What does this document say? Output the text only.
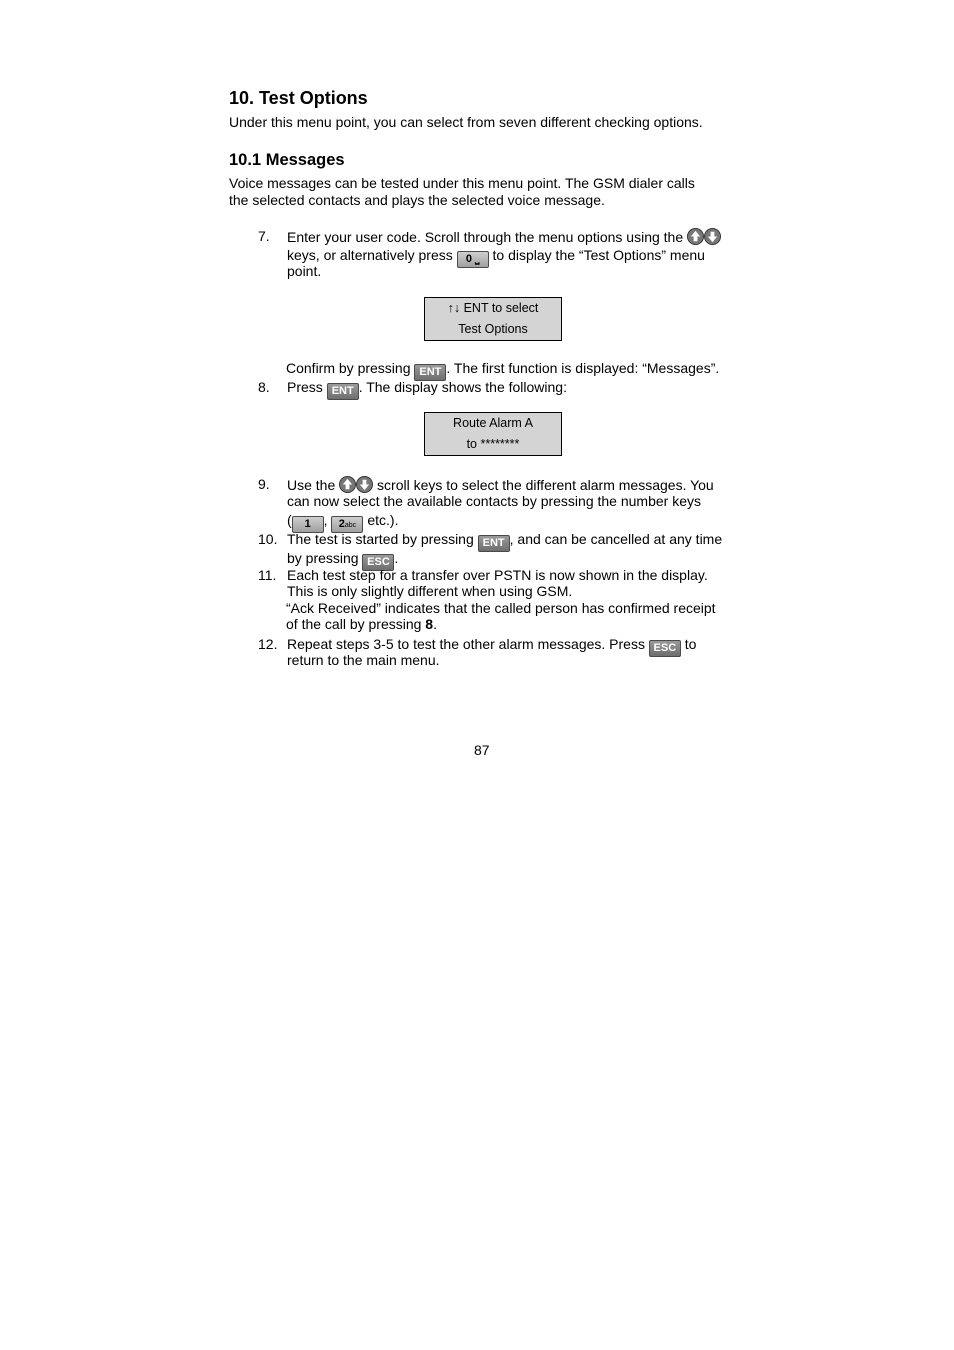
10. Test Options
Under this menu point, you can select from seven different checking options.
10.1 Messages
Voice messages can be tested under this menu point. The GSM dialer calls
the selected contacts and plays the selected voice message.
7. Enter your user code. Scroll through the menu options using the
keys, or alternatively press 0 ⎵ to display the “Test Options” menu
point.
↑↓ ENT to select
Test Options
Confirm by pressing ENT . The first function is displayed: “Messages”.
8. Press ENT . The display shows the following:
Route Alarm A
to ********
9. Use the	scroll keys to select the different alarm messages. You
can now select the available contacts by pressing the number keys
( 1 , 2abc etc.).
10. The test is started by pressing ENT , and can be cancelled at any time
by pressing ESC .
11. Each test step for a transfer over PSTN is now shown in the display.
This is only slightly different when using GSM.
“Ack Received” indicates that the called person has confirmed receipt
of the call by pressing 8.
12. Repeat steps 3-5 to test the other alarm messages. Press ESC to
return to the main menu.
87
